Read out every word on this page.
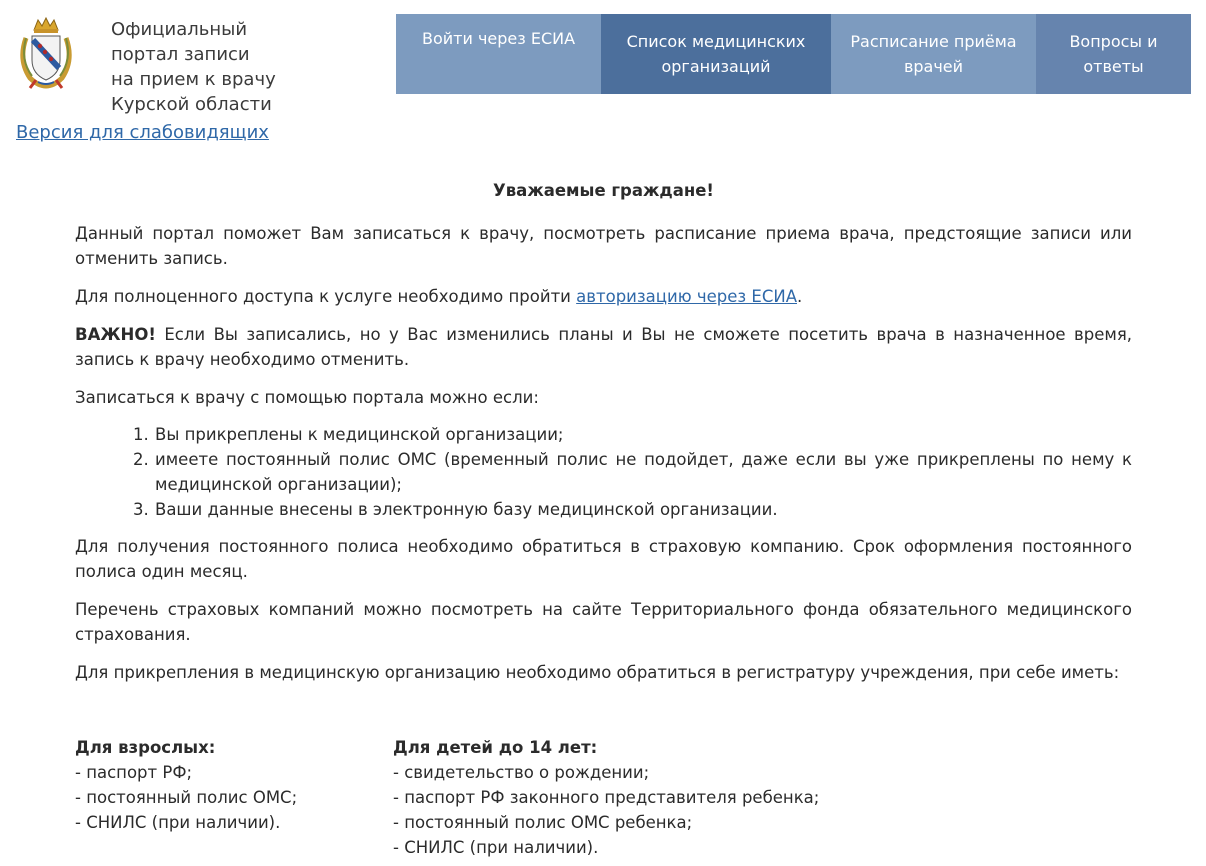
Официальный
портал записи
на прием к врачу
Курской области
Версия для слабовидящих
Войти через ЕСИА	Список медицинских организаций
Расписание приёма врачей
Вопросы и ответы
Уважаемые граждане!

Данный портал поможет Вам записаться к врачу, посмотреть расписание приема врача, предстоящие записи или отменить запись.

Для полноценного доступа к услуге необходимо пройти авторизацию через ЕСИА.

ВАЖНО! Если Вы записались, но у Вас изменились планы и Вы не сможете посетить врача в назначенное время, запись к врачу необходимо отменить.

Записаться к врачу с помощью портала можно если:

Вы прикреплены к медицинской организации;
имеете постоянный полис ОМС (временный полис не подойдет, даже если вы уже прикреплены по нему к медицинской организации);
Ваши данные внесены в электронную базу медицинской организации.

Для получения постоянного полиса необходимо обратиться в страховую компанию. Срок оформления постоянного полиса один месяц.

Перечень страховых компаний можно посмотреть на сайте Территориального фонда обязательного медицинского страхования.

Для прикрепления в медицинскую организацию необходимо обратиться в регистратуру учреждения, при себе иметь:

Для взрослых:
- паспорт РФ;
- постоянный полис ОМС;
- СНИЛС (при наличии).
Для детей до 14 лет:
- свидетельство о рождении;
- паспорт РФ законного представителя ребенка;
- постоянный полис ОМС ребенка;
- СНИЛС (при наличии).
